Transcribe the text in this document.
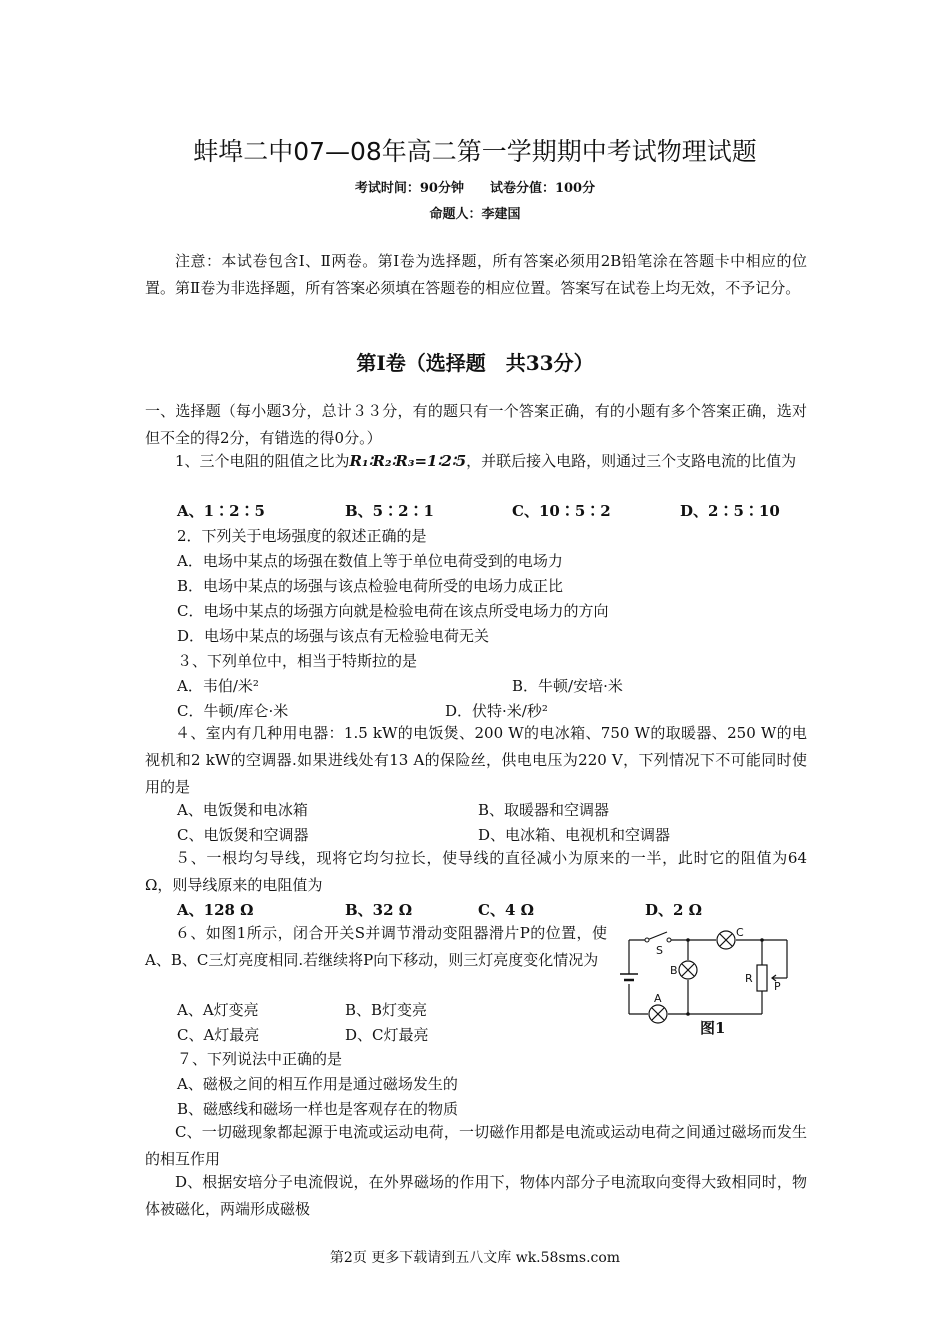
蚌埠二中07—08年高二第一学期期中考试物理试题
考试时间：90分钟　　试卷分值：100分
命题人：李建国
注意：本试卷包含Ⅰ、Ⅱ两卷。第Ⅰ卷为选择题，所有答案必须用2B铅笔涂在答题卡中相应的位置。第Ⅱ卷为非选择题，所有答案必须填在答题卷的相应位置。答案写在试卷上均无效，不予记分。
第Ⅰ卷（选择题　共33分）
一、选择题（每小题3分，总计３３分，有的题只有一个答案正确，有的小题有多个答案正确，选对但不全的得2分，有错选的得0分。）
1、三个电阻的阻值之比为R₁∶R₂∶R₃=1∶2∶5，并联后接入电路，则通过三个支路电流的比值为
A、1∶2∶5	B、5∶2∶1	C、10∶5∶2	D、2∶5∶10
2．下列关于电场强度的叙述正确的是
A．电场中某点的场强在数值上等于单位电荷受到的电场力
B．电场中某点的场强与该点检验电荷所受的电场力成正比
C．电场中某点的场强方向就是检验电荷在该点所受电场力的方向
D．电场中某点的场强与该点有无检验电荷无关
３、下列单位中，相当于特斯拉的是
A．韦伯/米²	B．牛顿/安培·米
C．牛顿/库仑·米	D．伏特·米/秒²
４、室内有几种用电器：1.5 kW的电饭煲、200 W的电冰箱、750 W的取暖器、250 W的电视机和2 kW的空调器.如果进线处有13 A的保险丝，供电电压为220 V，下列情况下不可能同时使用的是
A、电饭煲和电冰箱	B、取暖器和空调器
C、电饭煲和空调器	D、电冰箱、电视机和空调器
５、一根均匀导线，现将它均匀拉长，使导线的直径减小为原来的一半，此时它的阻值为64 Ω，则导线原来的电阻值为
A、128 Ω	B、32 Ω	C、4 Ω	D、2 Ω
６、如图1所示，闭合开关S并调节滑动变阻器滑片P的位置，使A、B、C三灯亮度相同.若继续将P向下移动，则三灯亮度变化情况为
A、A灯变亮	B、B灯变亮
C、A灯最亮	D、C灯最亮
S
C
B
A
R
P
图1
７、下列说法中正确的是
A、磁极之间的相互作用是通过磁场发生的
B、磁感线和磁场一样也是客观存在的物质
C、一切磁现象都起源于电流或运动电荷，一切磁作用都是电流或运动电荷之间通过磁场而发生的相互作用
D、根据安培分子电流假说，在外界磁场的作用下，物体内部分子电流取向变得大致相同时，物体被磁化，两端形成磁极
第2页 更多下载请到五八文库 wk.58sms.com
